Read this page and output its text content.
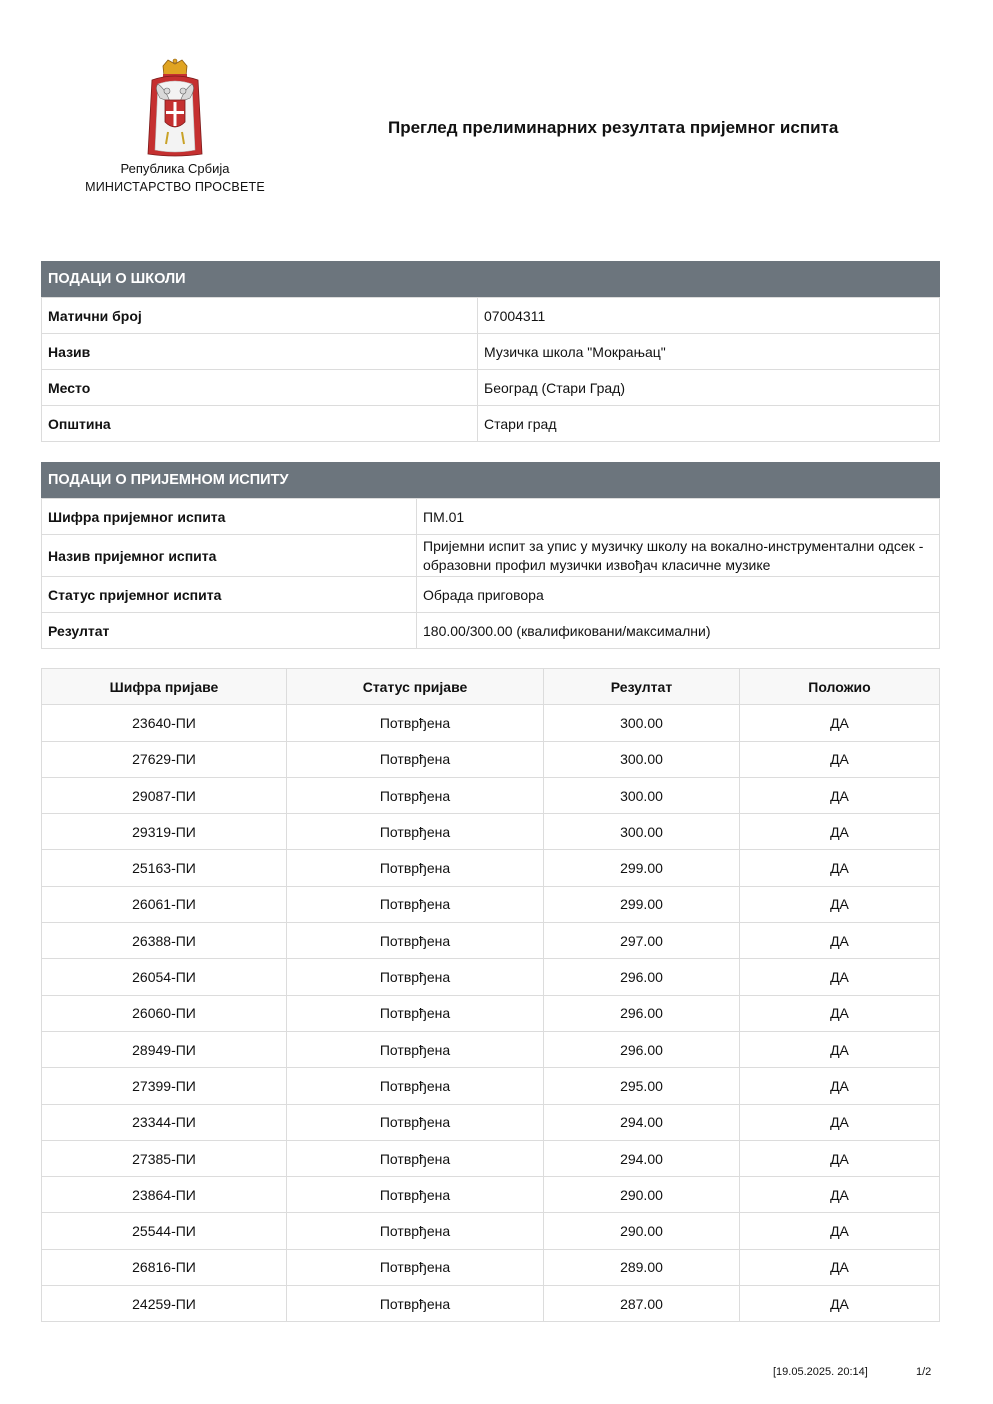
Република Србија
МИНИСТАРСТВО ПРОСВЕТЕ
Преглед прелиминарних резултата пријемног испита
ПОДАЦИ О ШКОЛИ
Матични број	07004311
Назив	Музичка школа "Мокрањац"
Место	Београд (Стари Град)
Општина	Стари град
ПОДАЦИ О ПРИЈЕМНОМ ИСПИТУ
Шифра пријемног испита	ПМ.01
Назив пријемног испита	Пријемни испит за упис у музичку школу на вокално-инструментални одсек - образовни профил музички извођач класичне музике
Статус пријемног испита	Обрада приговора
Резултат	180.00/300.00 (квалификовани/максимални)
Шифра пријаве	Статус пријаве	Резултат	Положио
23640-ПИ	Потврђена	300.00	ДА
27629-ПИ	Потврђена	300.00	ДА
29087-ПИ	Потврђена	300.00	ДА
29319-ПИ	Потврђена	300.00	ДА
25163-ПИ	Потврђена	299.00	ДА
26061-ПИ	Потврђена	299.00	ДА
26388-ПИ	Потврђена	297.00	ДА
26054-ПИ	Потврђена	296.00	ДА
26060-ПИ	Потврђена	296.00	ДА
28949-ПИ	Потврђена	296.00	ДА
27399-ПИ	Потврђена	295.00	ДА
23344-ПИ	Потврђена	294.00	ДА
27385-ПИ	Потврђена	294.00	ДА
23864-ПИ	Потврђена	290.00	ДА
25544-ПИ	Потврђена	290.00	ДА
26816-ПИ	Потврђена	289.00	ДА
24259-ПИ	Потврђена	287.00	ДА
[19.05.2025. 20:14]	1/2
